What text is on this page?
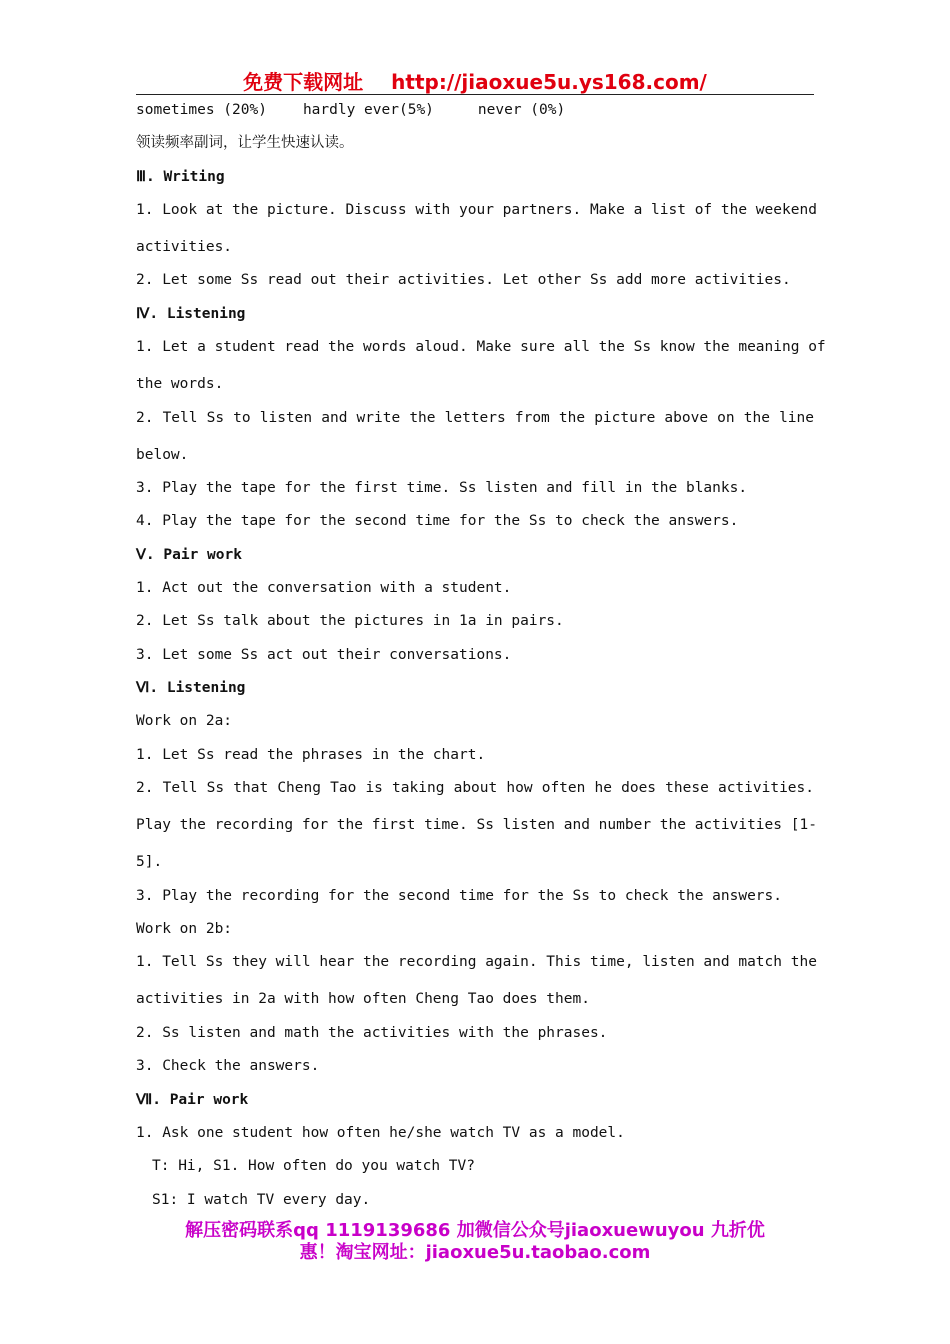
免费下载网址 http://jiaoxue5u.ys168.com/
sometimes (20%) hardly ever(5%)	never (0%)
领读频率副词，让学生快速认读。
Ⅲ. Writing
1. Look at the picture. Discuss with your partners. Make a list of the weekend
activities.
2. Let some Ss read out their activities. Let other Ss add more activities.
Ⅳ. Listening
1. Let a student read the words aloud. Make sure all the Ss know the meaning of
the words.
2. Tell Ss to listen and write the letters from the picture above on the line
below.
3. Play the tape for the first time. Ss listen and fill in the blanks.
4. Play the tape for the second time for the Ss to check the answers.
Ⅴ. Pair work
1. Act out the conversation with a student.
2. Let Ss talk about the pictures in 1a in pairs.
3. Let some Ss act out their conversations.
Ⅵ. Listening
Work on 2a:
1. Let Ss read the phrases in the chart.
2. Tell Ss that Cheng Tao is taking about how often he does these activities.
Play the recording for the first time. Ss listen and number the activities [1-
5].
3. Play the recording for the second time for the Ss to check the answers.
Work on 2b:
1. Tell Ss they will hear the recording again. This time, listen and match the
activities in 2a with how often Cheng Tao does them.
2. Ss listen and math the activities with the phrases.
3. Check the answers.
Ⅶ. Pair work
1. Ask one student how often he/she watch TV as a model.
T: Hi, S1. How often do you watch TV?
S1: I watch TV every day.
解压密码联系qq 1119139686 加微信公众号jiaoxuewuyou 九折优
惠！淘宝网址：jiaoxue5u.taobao.com
